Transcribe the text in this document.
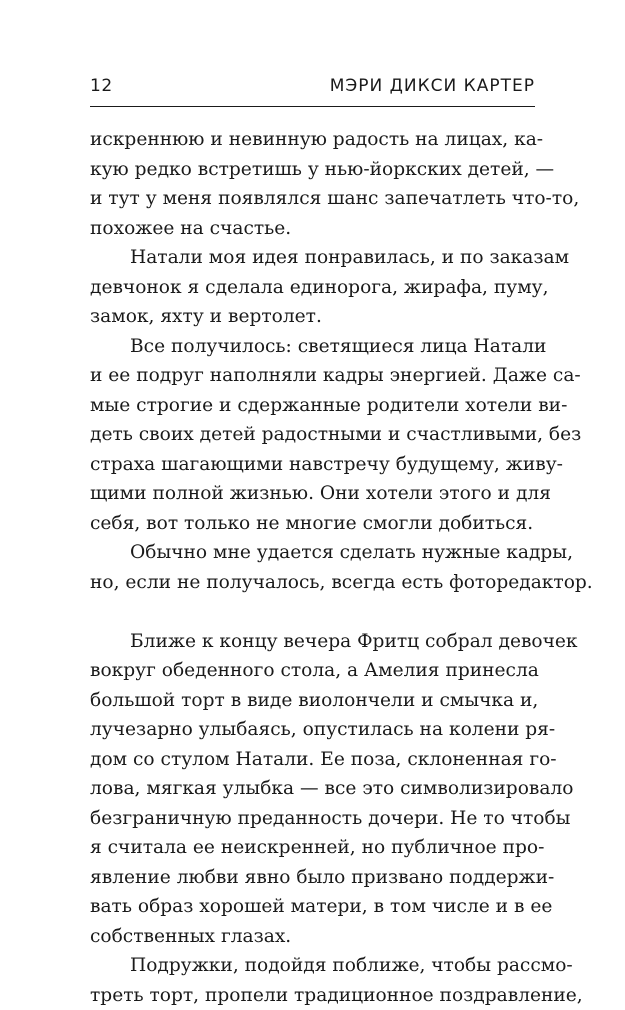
12	МЭРИ ДИКСИ КАРТЕР
искреннюю и невинную радость на лицах, ка-
кую редко встретишь у нью-йоркских детей, —
и тут у меня появлялся шанс запечатлеть что-то,
похожее на счастье.
Натали моя идея понравилась, и по заказам
девчонок я сделала единорога, жирафа, пуму,
замок, яхту и вертолет.
Все получилось: светящиеся лица Натали
и ее подруг наполняли кадры энергией. Даже са-
мые строгие и сдержанные родители хотели ви-
деть своих детей радостными и счастливыми, без
страха шагающими навстречу будущему, живу-
щими полной жизнью. Они хотели этого и для
себя, вот только не многие смогли добиться.
Обычно мне удается сделать нужные кадры,
но, если не получалось, всегда есть фоторедактор.
Ближе к концу вечера Фритц собрал девочек
вокруг обеденного стола, а Амелия принесла
большой торт в виде виолончели и смычка и,
лучезарно улыбаясь, опустилась на колени ря-
дом со стулом Натали. Ее поза, склоненная го-
лова, мягкая улыбка — все это символизировало
безграничную преданность дочери. Не то чтобы
я считала ее неискренней, но публичное про-
явление любви явно было призвано поддержи-
вать образ хорошей матери, в том числе и в ее
собственных глазах.
Подружки, подойдя поближе, чтобы рассмо-
треть торт, пропели традиционное поздравление,
